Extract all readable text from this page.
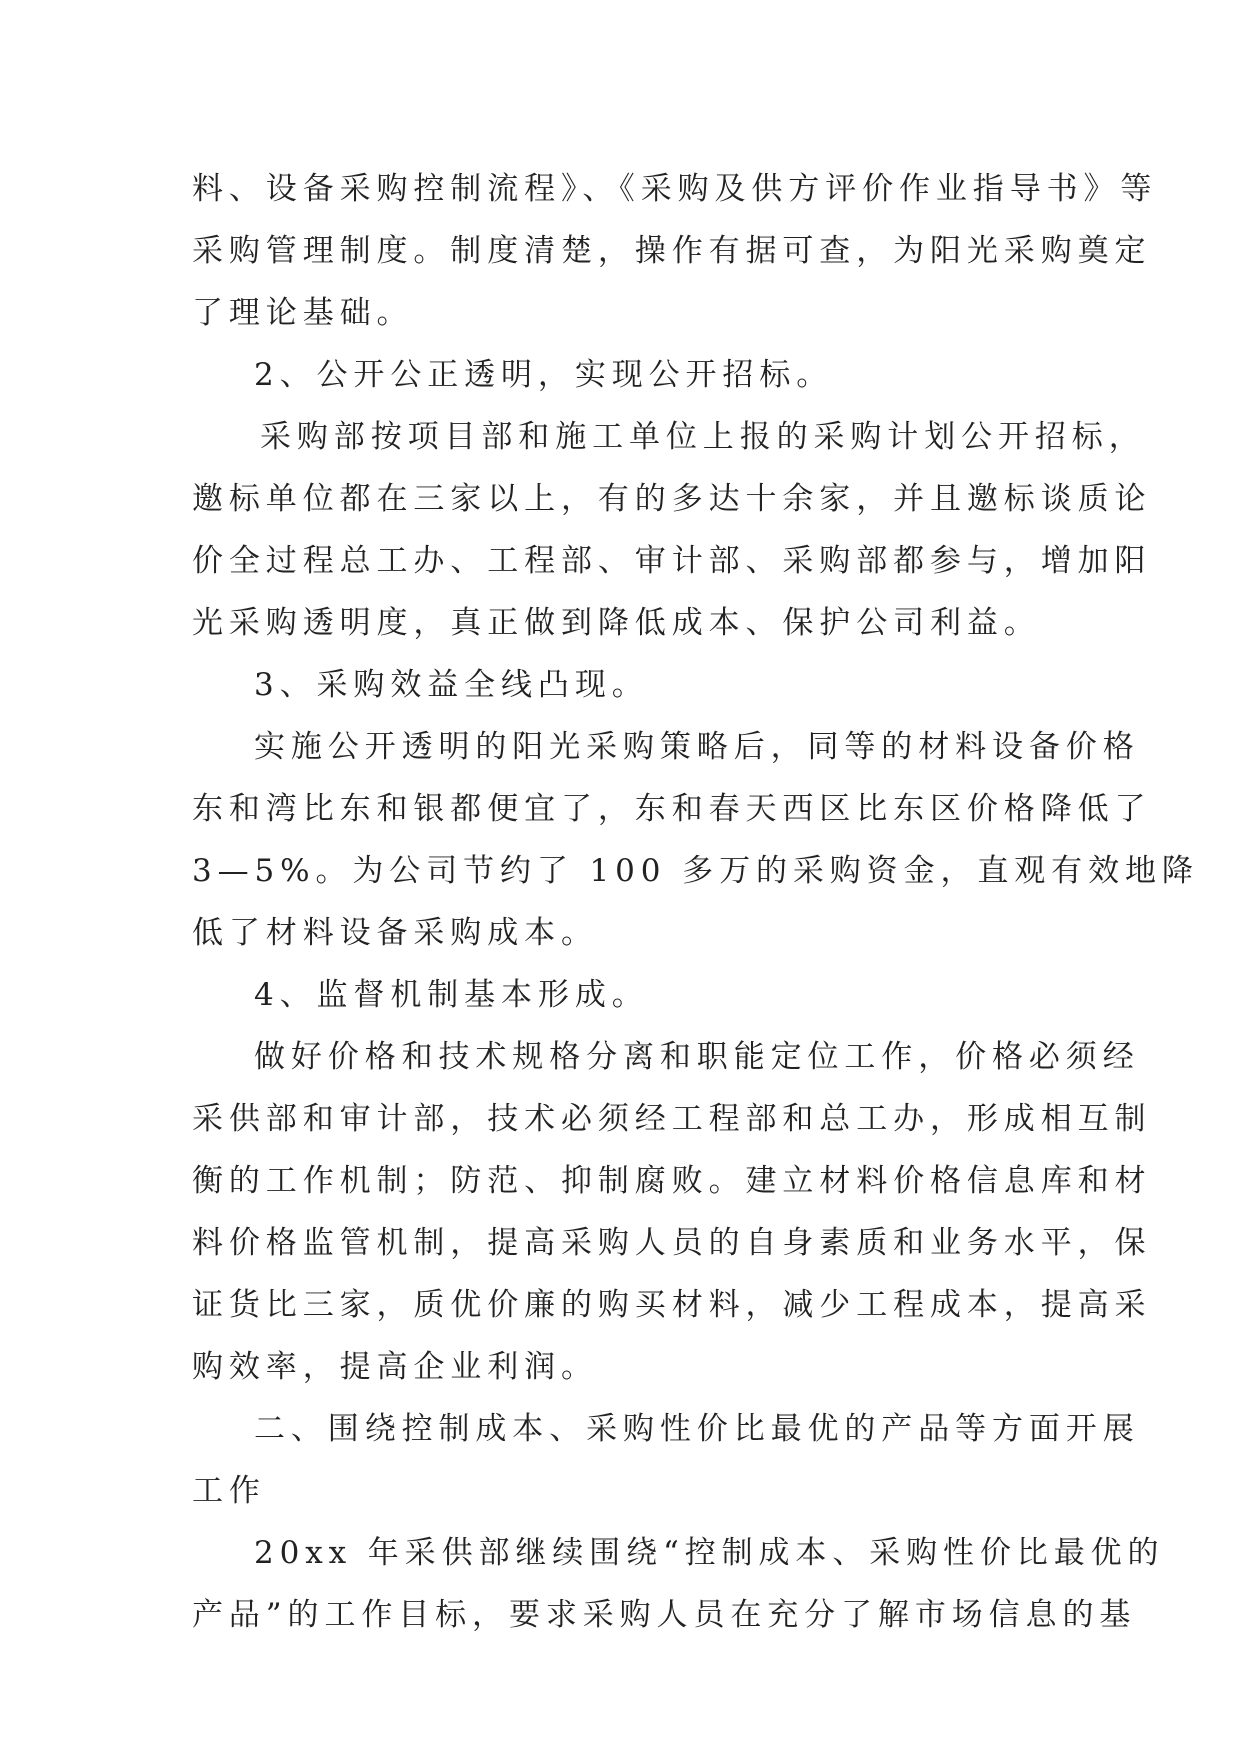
料、设备采购控制流程》、《采购及供方评价作业指导书》等
采购管理制度。制度清楚，操作有据可查，为阳光采购奠定
了理论基础。
2、公开公正透明，实现公开招标。
采购部按项目部和施工单位上报的采购计划公开招标，
邀标单位都在三家以上，有的多达十余家，并且邀标谈质论
价全过程总工办、工程部、审计部、采购部都参与，增加阳
光采购透明度，真正做到降低成本、保护公司利益。
3、采购效益全线凸现。
实施公开透明的阳光采购策略后，同等的材料设备价格
东和湾比东和银都便宜了，东和春天西区比东区价格降低了
3—5%。为公司节约了 100 多万的采购资金，直观有效地降
低了材料设备采购成本。
4、监督机制基本形成。
做好价格和技术规格分离和职能定位工作，价格必须经
采供部和审计部，技术必须经工程部和总工办，形成相互制
衡的工作机制；防范、抑制腐败。建立材料价格信息库和材
料价格监管机制，提高采购人员的自身素质和业务水平，保
证货比三家，质优价廉的购买材料，减少工程成本，提高采
购效率，提高企业利润。
二、围绕控制成本、采购性价比最优的产品等方面开展
工作
20xx 年采供部继续围绕“控制成本、采购性价比最优的
产品”的工作目标，要求采购人员在充分了解市场信息的基
